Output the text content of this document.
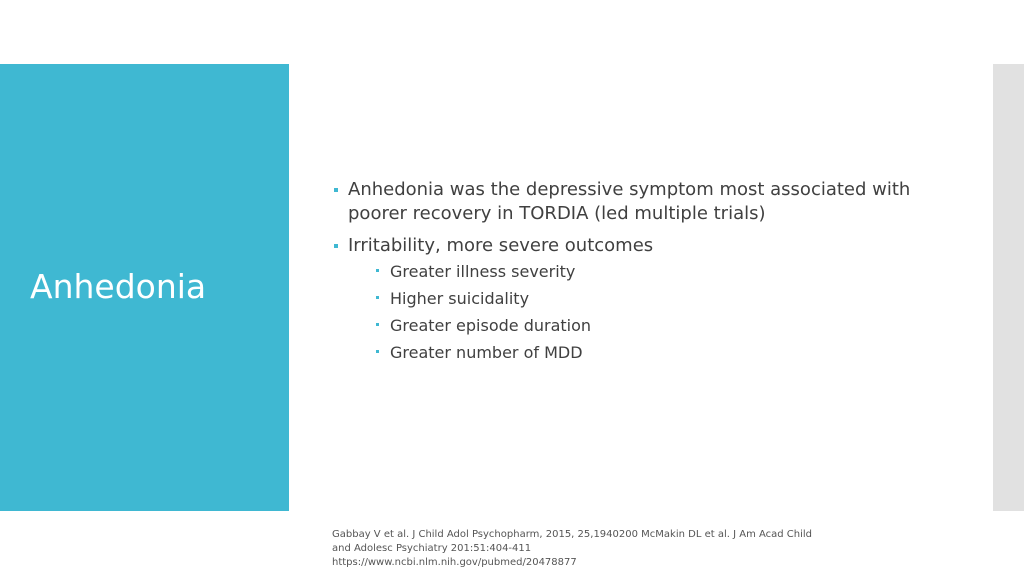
Anhedonia
Anhedonia was the depressive symptom most associated with poorer recovery in TORDIA (led multiple trials)
Irritability, more severe outcomes
Greater illness severity
Higher suicidality
Greater episode duration
Greater number of MDD
Gabbay V et al. J Child Adol Psychopharm, 2015, 25,1940200 McMakin DL et al. J Am Acad Child
and Adolesc Psychiatry 201:51:404-411
https://www.ncbi.nlm.nih.gov/pubmed/20478877
